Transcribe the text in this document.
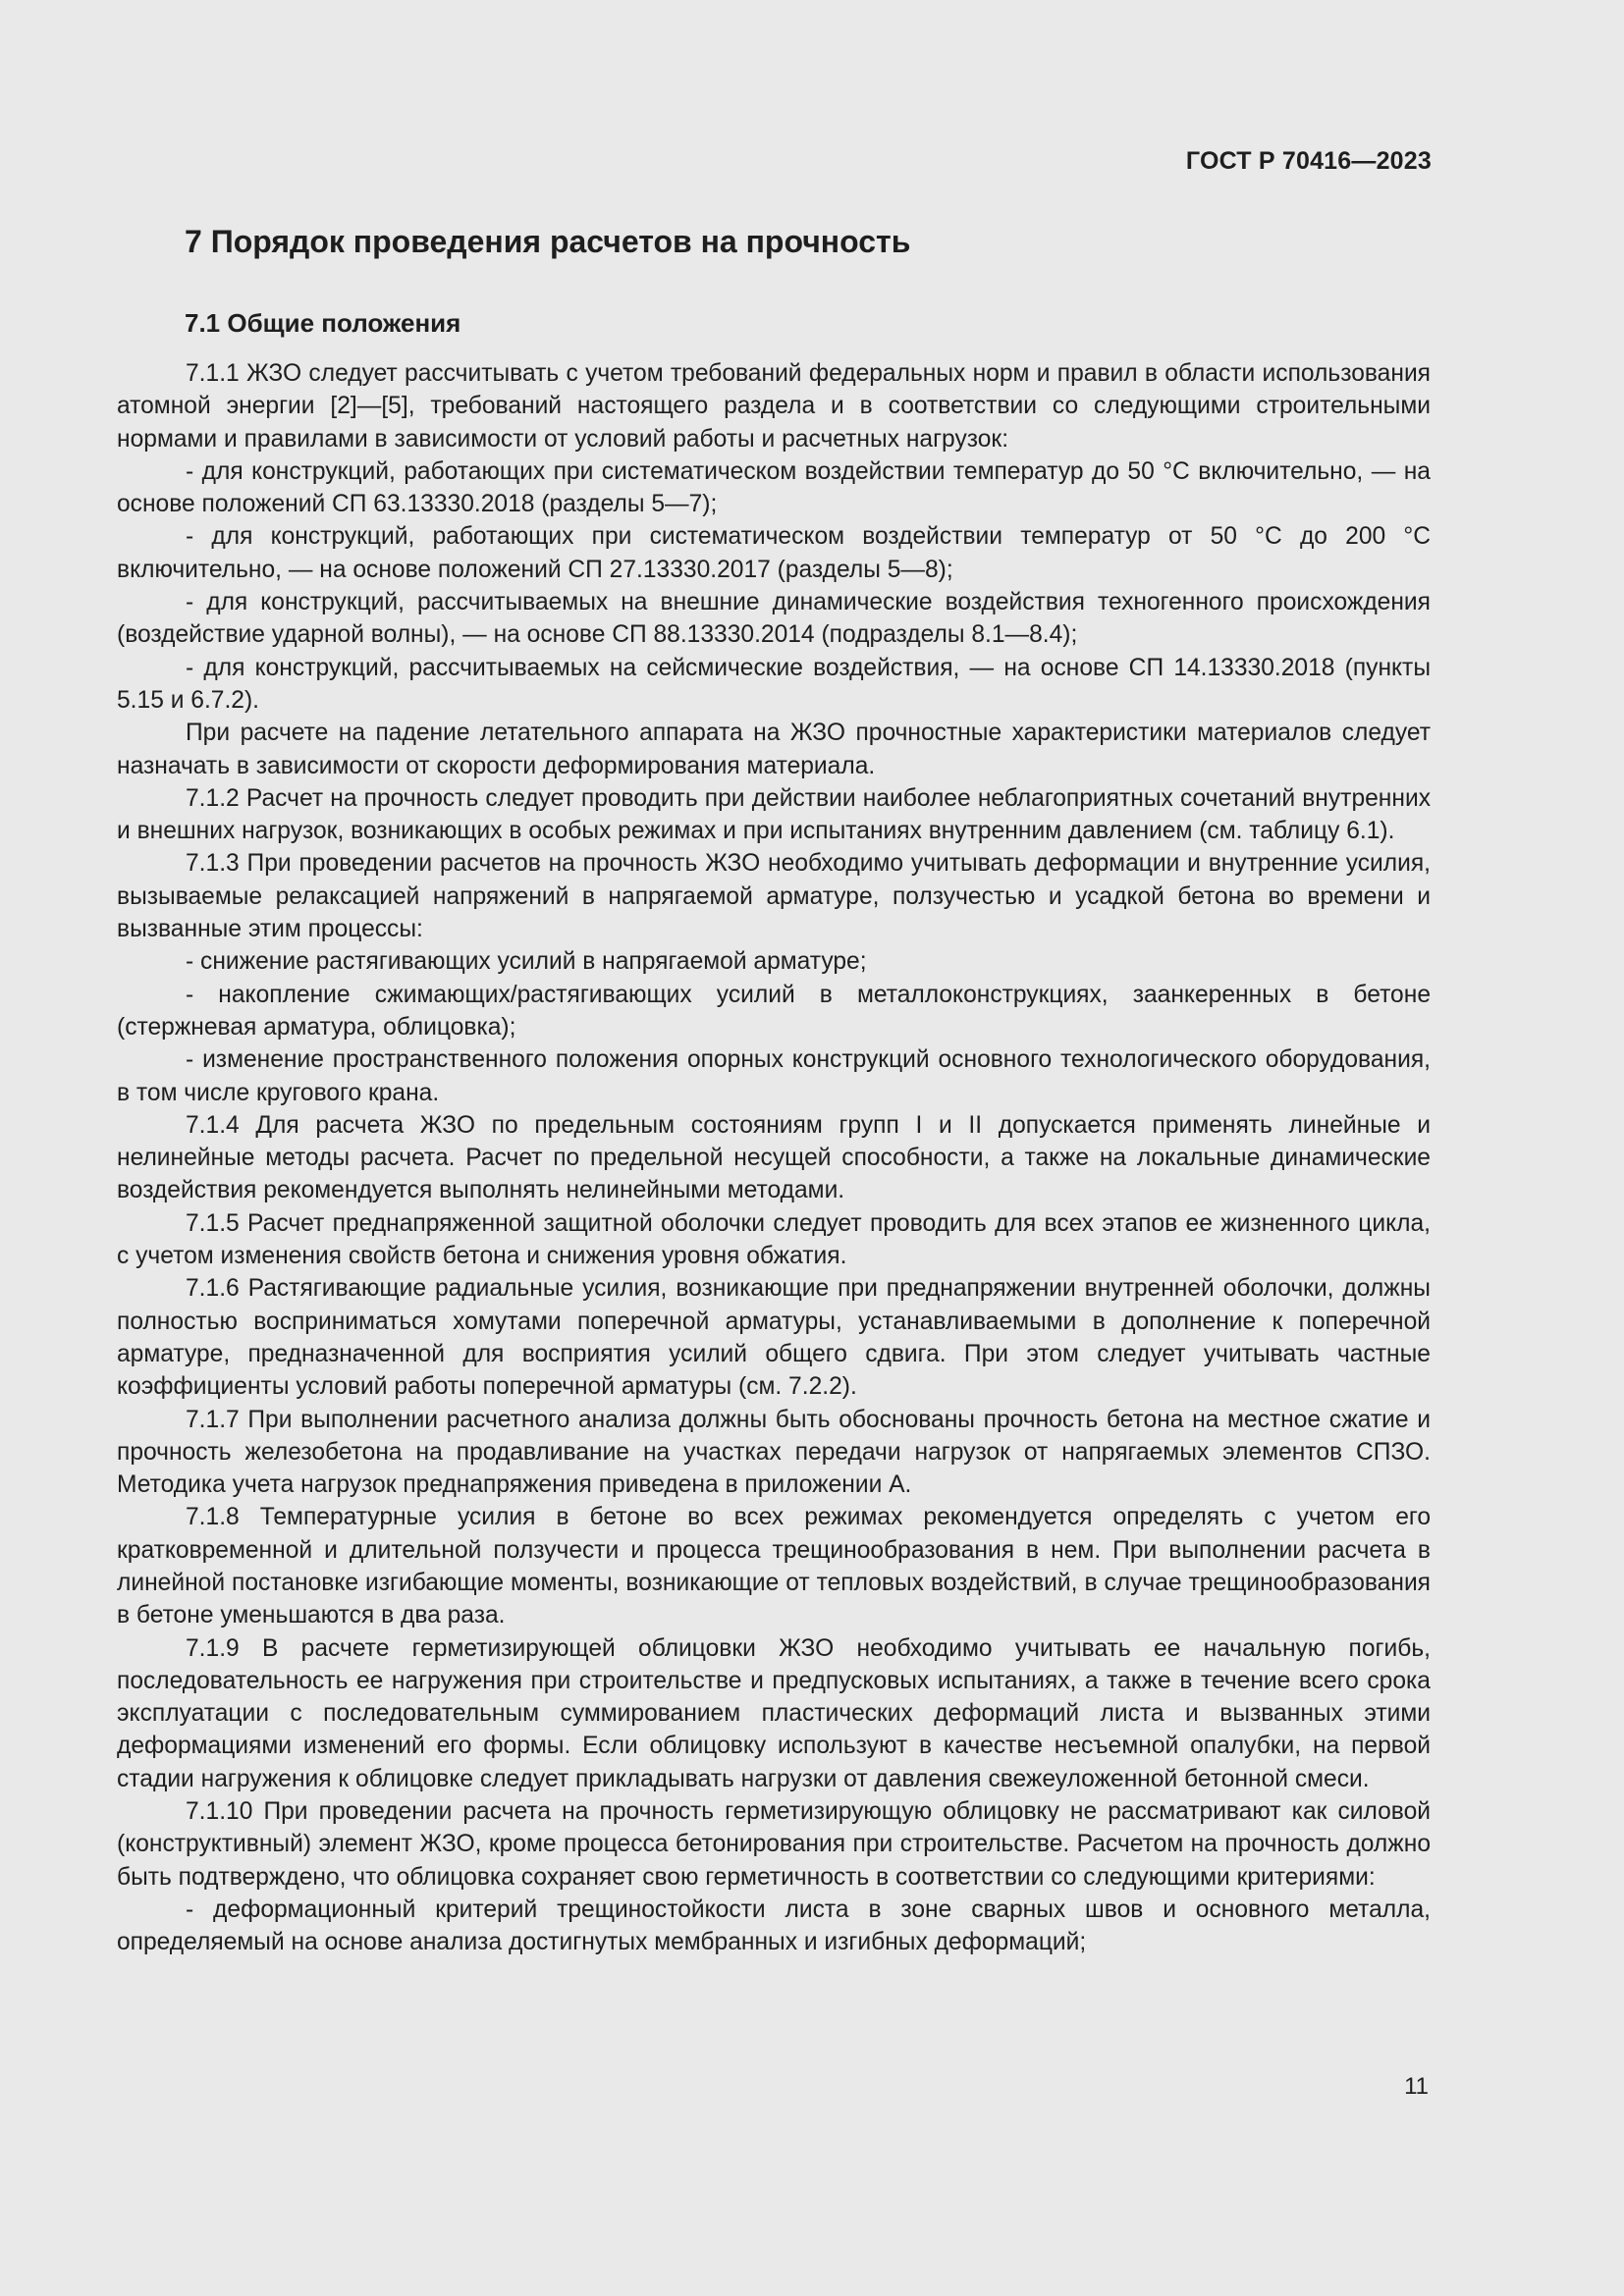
ГОСТ Р 70416—2023
7 Порядок проведения расчетов на прочность
7.1 Общие положения

7.1.1 ЖЗО следует рассчитывать с учетом требований федеральных норм и правил в области использования атомной энергии [2]—[5], требований настоящего раздела и в соответствии со следующими строительными нормами и правилами в зависимости от условий работы и расчетных нагрузок:

- для конструкций, работающих при систематическом воздействии температур до 50 °С включительно, — на основе положений СП 63.13330.2018 (разделы 5—7);

- для конструкций, работающих при систематическом воздействии температур от 50 °С до 200 °С включительно, — на основе положений СП 27.13330.2017 (разделы 5—8);

- для конструкций, рассчитываемых на внешние динамические воздействия техногенного происхождения (воздействие ударной волны), — на основе СП 88.13330.2014 (подразделы 8.1—8.4);

- для конструкций, рассчитываемых на сейсмические воздействия, — на основе СП 14.13330.2018 (пункты 5.15 и 6.7.2).

При расчете на падение летательного аппарата на ЖЗО прочностные характеристики материалов следует назначать в зависимости от скорости деформирования материала.

7.1.2 Расчет на прочность следует проводить при действии наиболее неблагоприятных сочетаний внутренних и внешних нагрузок, возникающих в особых режимах и при испытаниях внутренним давлением (см. таблицу 6.1).

7.1.3 При проведении расчетов на прочность ЖЗО необходимо учитывать деформации и внутренние усилия, вызываемые релаксацией напряжений в напрягаемой арматуре, ползучестью и усадкой бетона во времени и вызванные этим процессы:

- снижение растягивающих усилий в напрягаемой арматуре;

- накопление сжимающих/растягивающих усилий в металлоконструкциях, заанкеренных в бетоне (стержневая арматура, облицовка);

- изменение пространственного положения опорных конструкций основного технологического оборудования, в том числе кругового крана.

7.1.4 Для расчета ЖЗО по предельным состояниям групп I и II допускается применять линейные и нелинейные методы расчета. Расчет по предельной несущей способности, а также на локальные динамические воздействия рекомендуется выполнять нелинейными методами.

7.1.5 Расчет преднапряженной защитной оболочки следует проводить для всех этапов ее жизненного цикла, с учетом изменения свойств бетона и снижения уровня обжатия.

7.1.6 Растягивающие радиальные усилия, возникающие при преднапряжении внутренней оболочки, должны полностью восприниматься хомутами поперечной арматуры, устанавливаемыми в дополнение к поперечной арматуре, предназначенной для восприятия усилий общего сдвига. При этом следует учитывать частные коэффициенты условий работы поперечной арматуры (см. 7.2.2).

7.1.7 При выполнении расчетного анализа должны быть обоснованы прочность бетона на местное сжатие и прочность железобетона на продавливание на участках передачи нагрузок от напрягаемых элементов СПЗО. Методика учета нагрузок преднапряжения приведена в приложении А.

7.1.8 Температурные усилия в бетоне во всех режимах рекомендуется определять с учетом его кратковременной и длительной ползучести и процесса трещинообразования в нем. При выполнении расчета в линейной постановке изгибающие моменты, возникающие от тепловых воздействий, в случае трещинообразования в бетоне уменьшаются в два раза.

7.1.9 В расчете герметизирующей облицовки ЖЗО необходимо учитывать ее начальную погибь, последовательность ее нагружения при строительстве и предпусковых испытаниях, а также в течение всего срока эксплуатации с последовательным суммированием пластических деформаций листа и вызванных этими деформациями изменений его формы. Если облицовку используют в качестве несъемной опалубки, на первой стадии нагружения к облицовке следует прикладывать нагрузки от давления свежеуложенной бетонной смеси.

7.1.10 При проведении расчета на прочность герметизирующую облицовку не рассматривают как силовой (конструктивный) элемент ЖЗО, кроме процесса бетонирования при строительстве. Расчетом на прочность должно быть подтверждено, что облицовка сохраняет свою герметичность в соответствии со следующими критериями:

- деформационный критерий трещиностойкости листа в зоне сварных швов и основного металла, определяемый на основе анализа достигнутых мембранных и изгибных деформаций;

11
